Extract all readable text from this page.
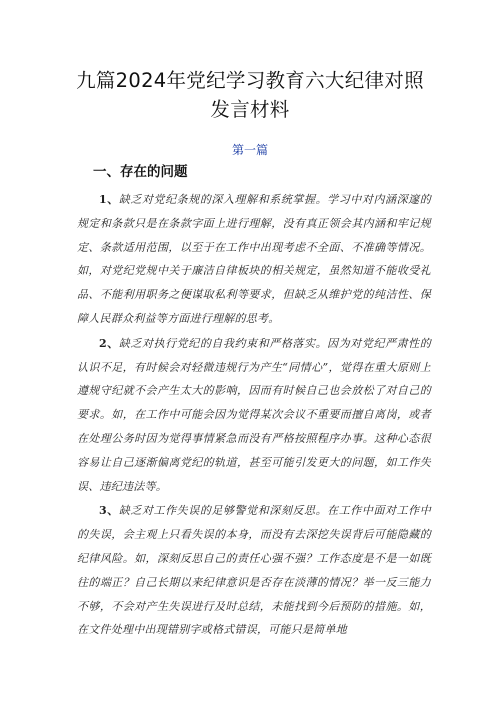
九篇2024年党纪学习教育六大纪律对照发言材料
第一篇
一、存在的问题

1、缺乏对党纪条规的深入理解和系统掌握。学习中对内涵深邃的规定和条款只是在条款字面上进行理解，没有真正领会其内涵和牢记规定、条款适用范围，以至于在工作中出现考虑不全面、不准确等情况。如，对党纪党规中关于廉洁自律板块的相关规定，虽然知道不能收受礼品、不能利用职务之便谋取私利等要求，但缺乏从维护党的纯洁性、保障人民群众利益等方面进行理解的思考。

2、缺乏对执行党纪的自我约束和严格落实。因为对党纪严肃性的认识不足，有时候会对轻微违规行为产生“同情心”，觉得在重大原则上遵规守纪就不会产生太大的影响，因而有时候自己也会放松了对自己的要求。如，在工作中可能会因为觉得某次会议不重要而擅自离岗，或者在处理公务时因为觉得事情紧急而没有严格按照程序办事。这种心态很容易让自己逐渐偏离党纪的轨道，甚至可能引发更大的问题，如工作失误、违纪违法等。

3、缺乏对工作失误的足够警觉和深刻反思。在工作中面对工作中的失误，会主观上只看失误的本身，而没有去深挖失误背后可能隐藏的纪律风险。如，深刻反思自己的责任心强不强？工作态度是不是一如既往的端正？自己长期以来纪律意识是否存在淡薄的情况？举一反三能力不够，不会对产生失误进行及时总结，未能找到今后预防的措施。如，在文件处理中出现错别字或格式错误，可能只是简单地
